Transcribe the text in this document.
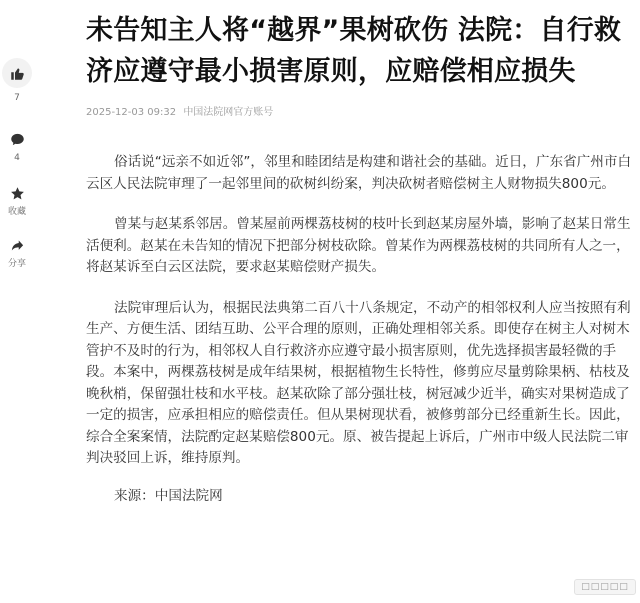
7
4
收藏
分享
未告知主人将“越界”果树砍伤 法院：自行救济应遵守最小损害原则，应赔偿相应损失
2025-12-03 09:32 中国法院网官方账号

俗话说“远亲不如近邻”，邻里和睦团结是构建和谐社会的基础。近日，广东省广州市白云区人民法院审理了一起邻里间的砍树纠纷案，判决砍树者赔偿树主人财物损失800元。

曾某与赵某系邻居。曾某屋前两棵荔枝树的枝叶长到赵某房屋外墙，影响了赵某日常生活便利。赵某在未告知的情况下把部分树枝砍除。曾某作为两棵荔枝树的共同所有人之一，将赵某诉至白云区法院，要求赵某赔偿财产损失。

法院审理后认为，根据民法典第二百八十八条规定，不动产的相邻权利人应当按照有利生产、方便生活、团结互助、公平合理的原则，正确处理相邻关系。即使存在树主人对树木管护不及时的行为，相邻权人自行救济亦应遵守最小损害原则，优先选择损害最轻微的手段。本案中，两棵荔枝树是成年结果树，根据植物生长特性，修剪应尽量剪除果柄、枯枝及晚秋梢，保留强壮枝和水平枝。赵某砍除了部分强壮枝，树冠减少近半，确实对果树造成了一定的损害，应承担相应的赔偿责任。但从果树现状看，被修剪部分已经重新生长。因此，综合全案案情，法院酌定赵某赔偿800元。原、被告提起上诉后，广州市中级人民法院二审判决驳回上诉，维持原判。

来源：中国法院网
□□□□□
